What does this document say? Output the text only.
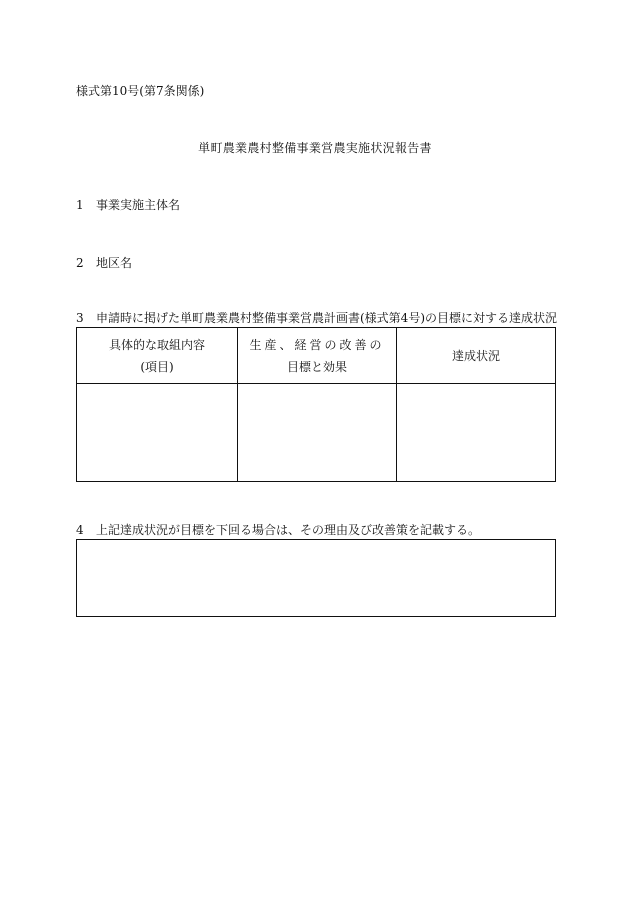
様式第10号(第7条関係)
単町農業農村整備事業営農実施状況報告書
1 事業実施主体名
2 地区名
3 申請時に掲げた単町農業農村整備事業営農計画書(様式第4号)の目標に対する達成状況
具体的な取組内容
(項目)
生産、経営の改善の
目標と効果
達成状況
4 上記達成状況が目標を下回る場合は、その理由及び改善策を記載する。
